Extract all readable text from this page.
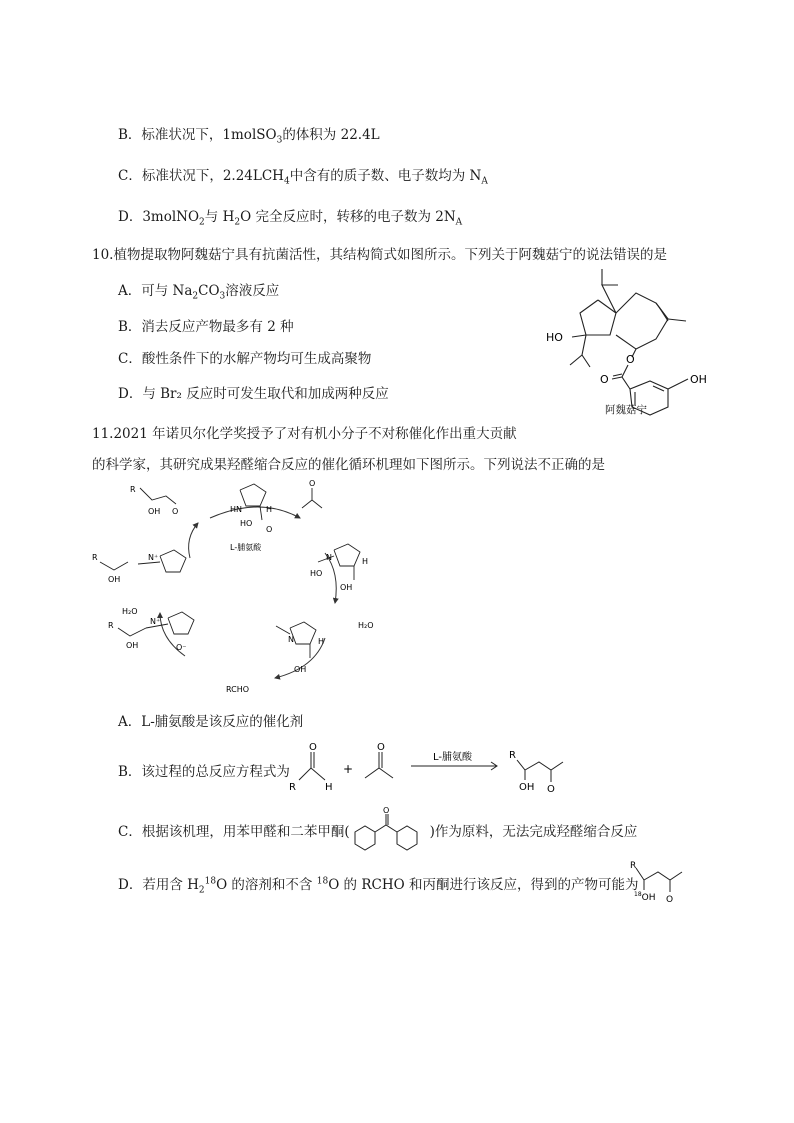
B．标准状况下，1molSO$_3$的体积为 22.4L
C．标准状况下，$2.24LCH_4$中含有的质子数、电子数均为 $N_A$
D．3molNO$_2$与 $H_2O$ 完全反应时，转移的电子数为 $2N_A$
10.植物提取物阿魏菇宁具有抗菌活性，其结构简式如图所示。下列关于阿魏菇宁的说法错误的是
A．可与 $Na_2CO_3$溶液反应
B．消去反应产物最多有 2 种
C．酸性条件下的水解产物均可生成高聚物
D．与 Br₂ 反应时可发生取代和加成两种反应
HO
O
O	OH
阿魏菇宁
11.2021 年诺贝尔化学奖授予了对有机小分子不对称催化作出重大贡献
的科学家，其研究成果羟醛缩合反应的催化循环机理如下图所示。下列说法不正确的是
R
OH O	HN	H
HO
O
L-脯氨酸
O
N	H
HO
OH
H₂O
N	H
OH
RCHO
R
OH
N⁺
O⁻
H₂O
R
OH
N⁺
A．L-脯氨酸是该反应的催化剂
B．该过程的总反应方程式为
O
R	H
+
O
L-脯氨酸	R
OH O
C．根据该机理，用苯甲醛和二苯甲酮(	)作为原料，无法完成羟醛缩合反应
O
D．若用含 $H_2^{18}O$ 的溶剂和不含 $^{18}$O 的 RCHO 和丙酮进行该反应，得到的产物可能为
R
$^{18}$OH O
